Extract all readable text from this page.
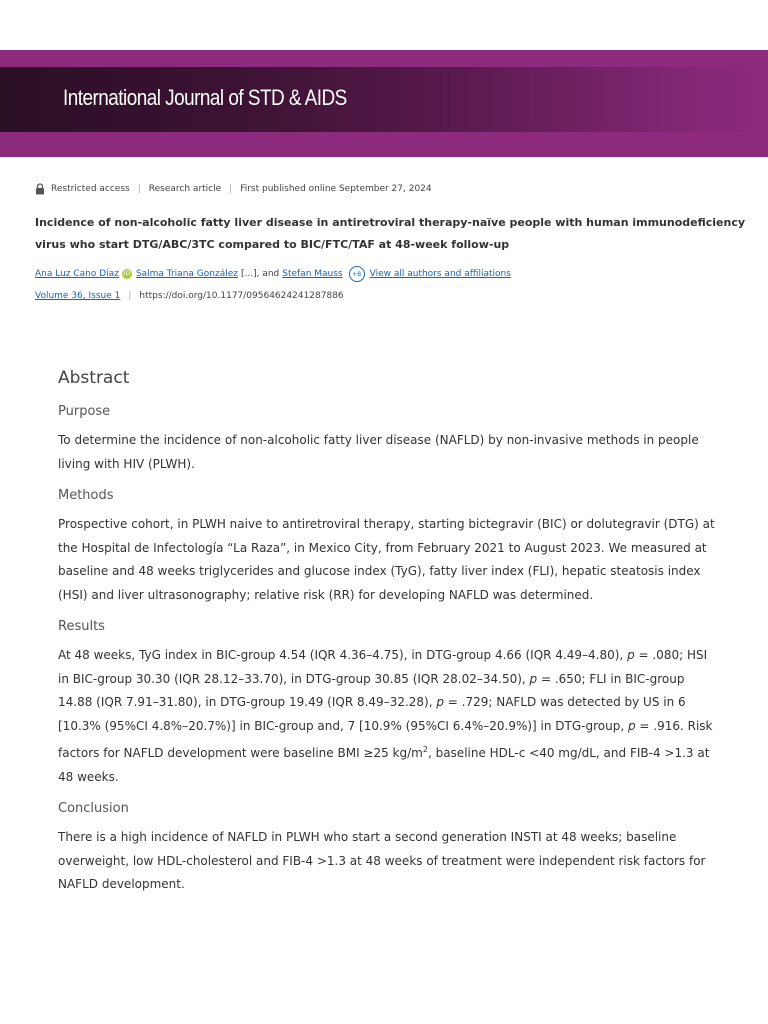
International Journal of STD & AIDS
Restricted access | Research article | First published online September 27, 2024
Incidence of non-alcoholic fatty liver disease in antiretroviral therapy-naïve people with human immunodeficiency virus who start DTG/ABC/3TC compared to BIC/FTC/TAF at 48-week follow-up
Ana Luz Cano Díaz iD Salma Triana González [...] , and Stefan Mauss	+8 View all authors and affiliations
Volume 36, Issue 1 | https://doi.org/10.1177/09564624241287886
Abstract
Purpose

To determine the incidence of non-alcoholic fatty liver disease (NAFLD) by non-invasive methods in people living with HIV (PLWH).

Methods

Prospective cohort, in PLWH naive to antiretroviral therapy, starting bictegravir (BIC) or dolutegravir (DTG) at the Hospital de Infectología “La Raza”, in Mexico City, from February 2021 to August 2023. We measured at baseline and 48 weeks triglycerides and glucose index (TyG), fatty liver index (FLI), hepatic steatosis index (HSI) and liver ultrasonography; relative risk (RR) for developing NAFLD was determined.

Results

At 48 weeks, TyG index in BIC-group 4.54 (IQR 4.36–4.75), in DTG-group 4.66 (IQR 4.49–4.80), p = .080; HSI in BIC-group 30.30 (IQR 28.12–33.70), in DTG-group 30.85 (IQR 28.02–34.50), p = .650; FLI in BIC-group 14.88 (IQR 7.91–31.80), in DTG-group 19.49 (IQR 8.49–32.28), p = .729; NAFLD was detected by US in 6 [10.3% (95%CI 4.8%–20.7%)] in BIC-group and, 7 [10.9% (95%CI 6.4%–20.9%)] in DTG-group, p = .916. Risk factors for NAFLD development were baseline BMI ≥25 $kg/m^2$, baseline HDL-c <40 mg/dL, and FIB-4 >1.3 at 48 weeks.

Conclusion

There is a high incidence of NAFLD in PLWH who start a second generation INSTI at 48 weeks; baseline overweight, low HDL-cholesterol and FIB-4 >1.3 at 48 weeks of treatment were independent risk factors for NAFLD development.
